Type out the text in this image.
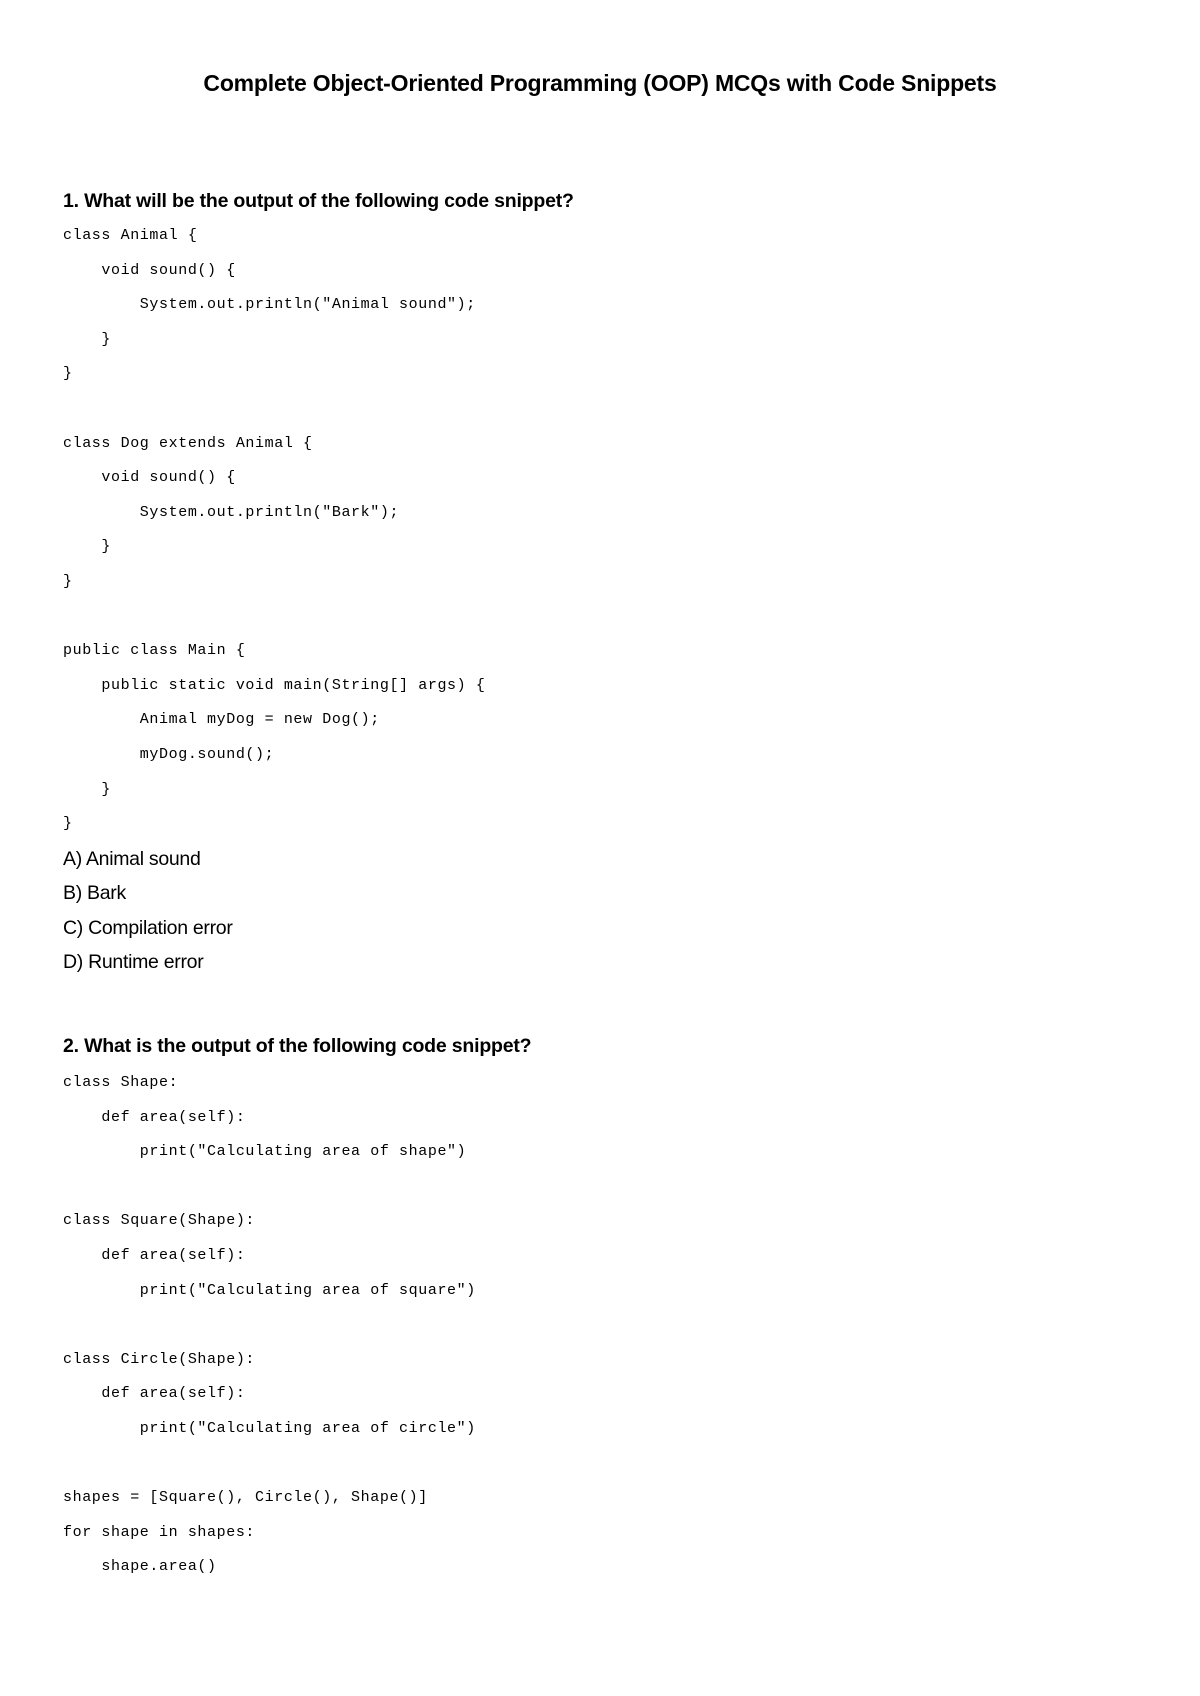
Complete Object-Oriented Programming (OOP) MCQs with Code Snippets
1. What will be the output of the following code snippet?
class Animal {
void sound() {
System.out.println("Animal sound");
}
}
class Dog extends Animal {
void sound() {
System.out.println("Bark");
}
}
public class Main {
public static void main(String[] args) {
Animal myDog = new Dog();
myDog.sound();
}
}
A) Animal sound
B) Bark
C) Compilation error
D) Runtime error
2. What is the output of the following code snippet?
class Shape:
def area(self):
print("Calculating area of shape")
class Square(Shape):
def area(self):
print("Calculating area of square")
class Circle(Shape):
def area(self):
print("Calculating area of circle")
shapes = [Square(), Circle(), Shape()]
for shape in shapes:
shape.area()
